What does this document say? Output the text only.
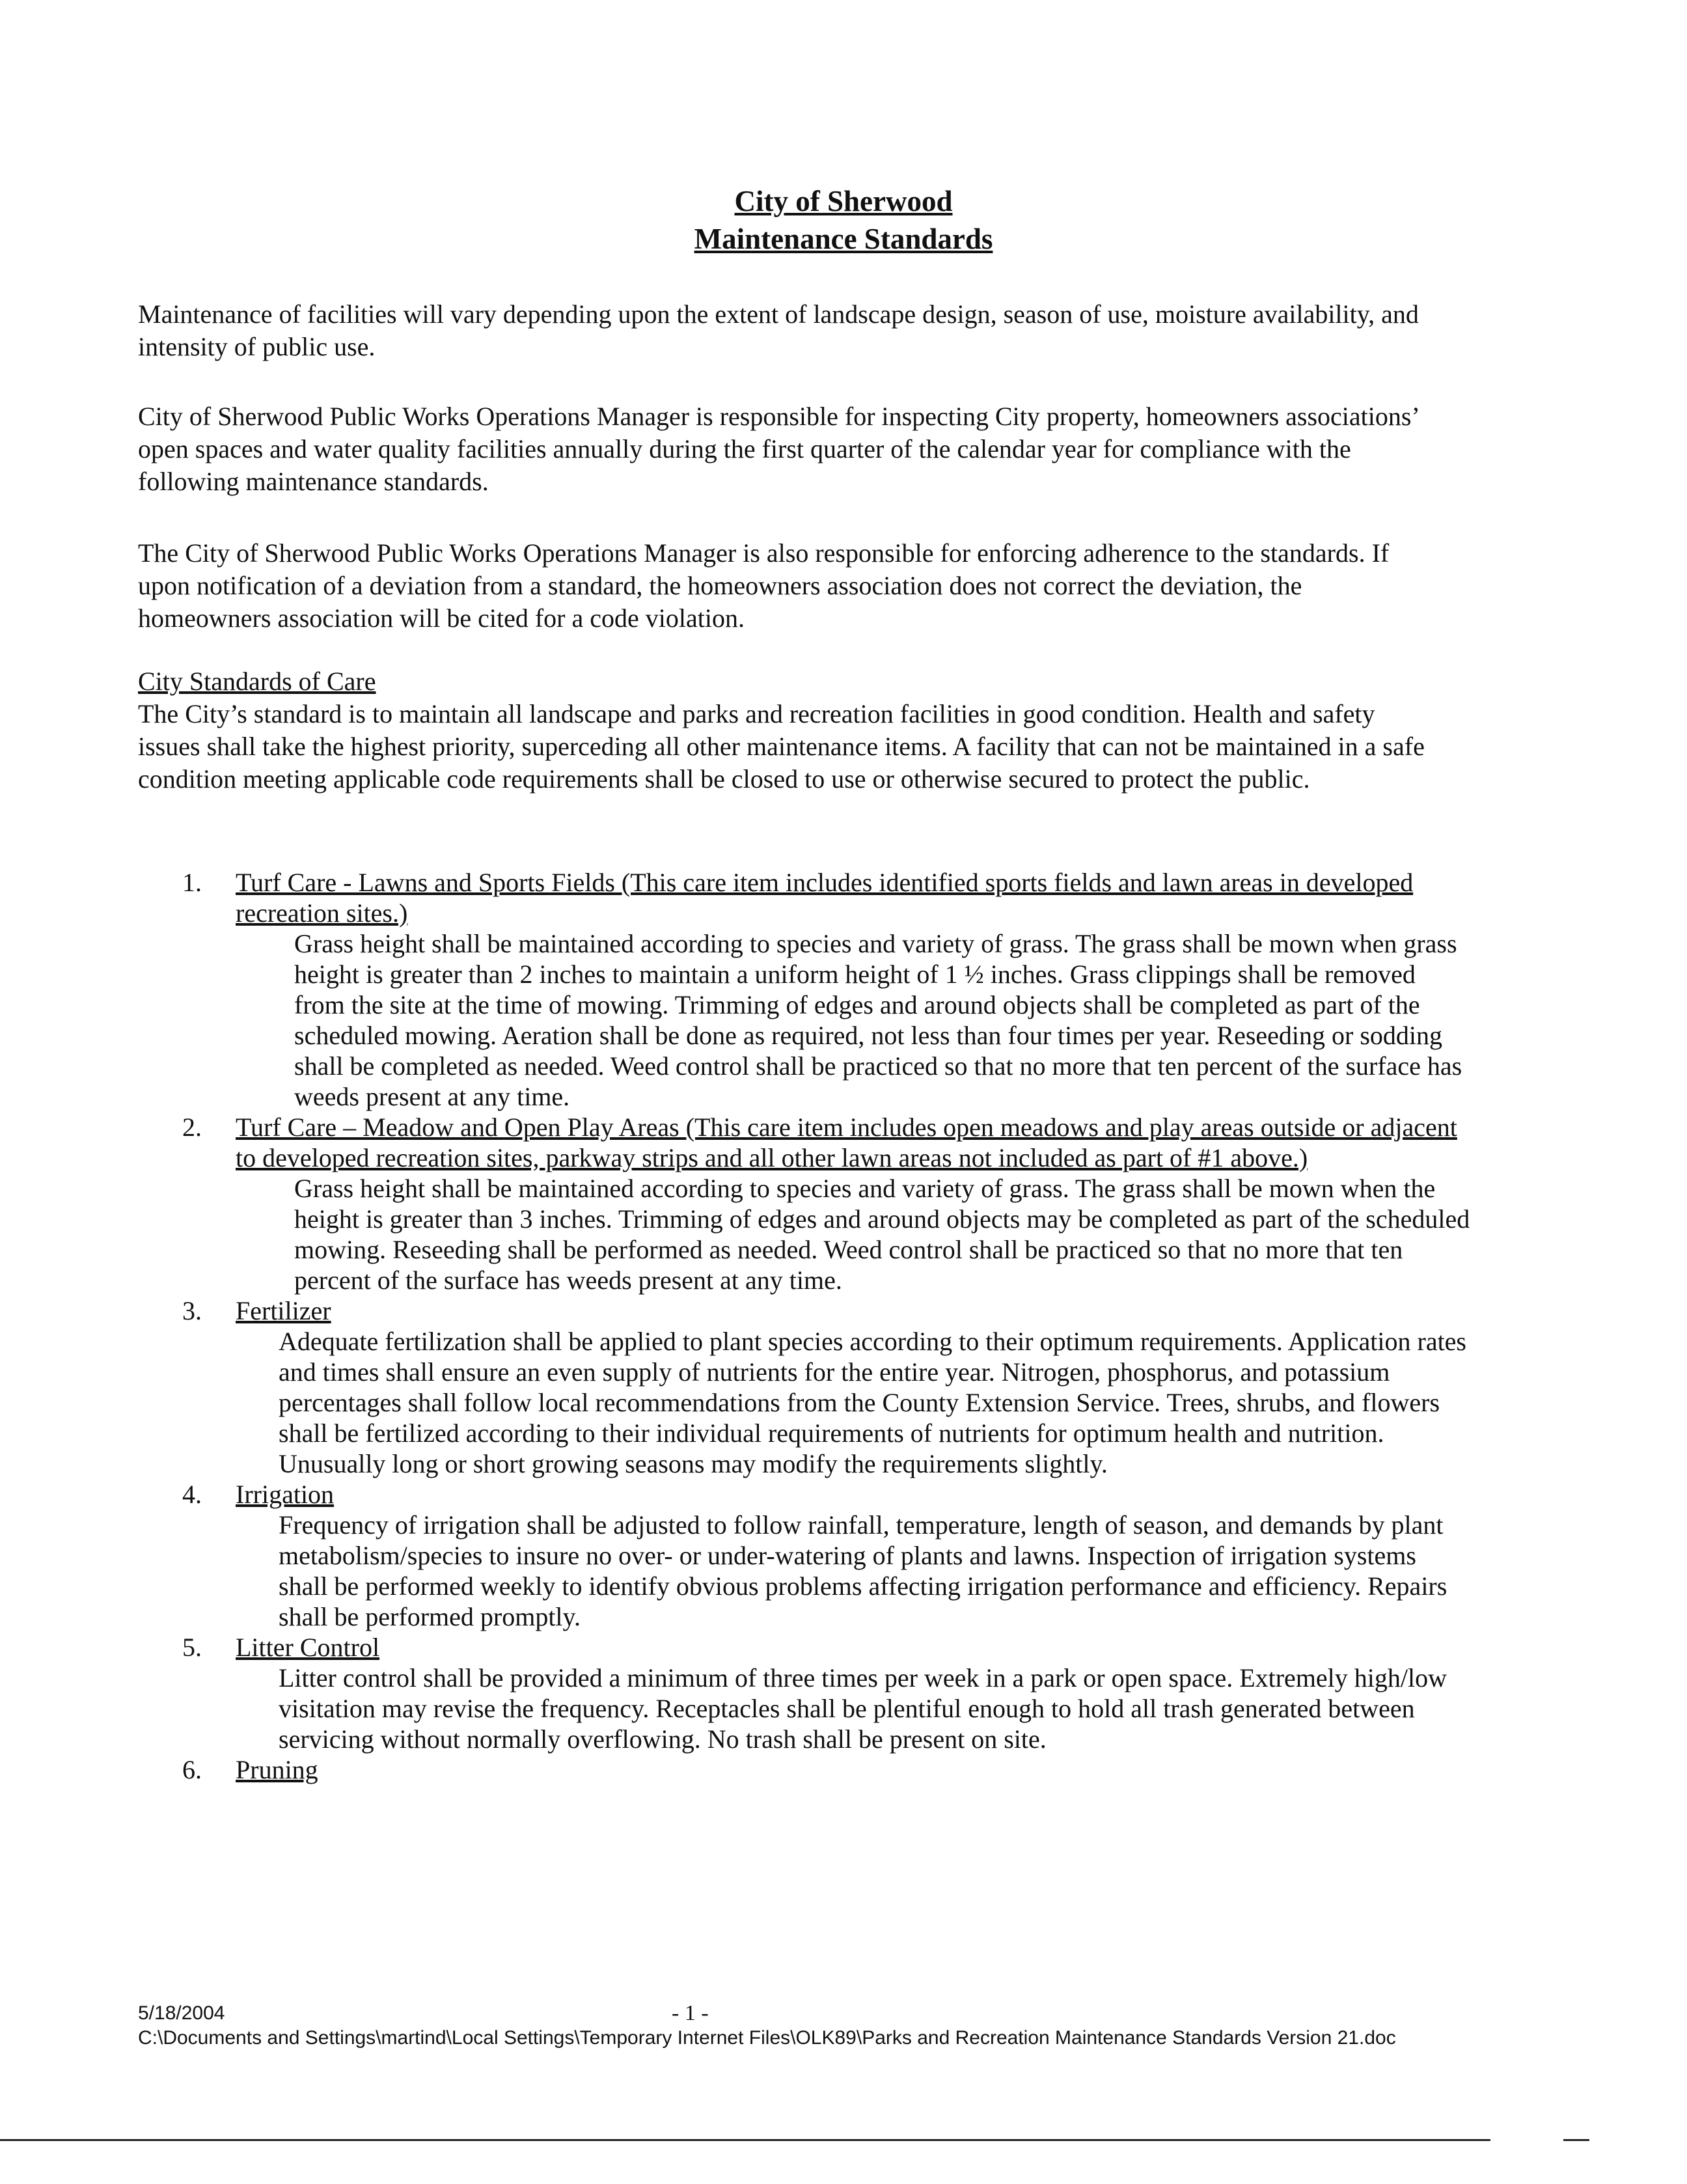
City of Sherwood
Maintenance Standards

Maintenance of facilities will vary depending upon the extent of landscape design, season of use, moisture availability, and intensity of public use.

City of Sherwood Public Works Operations Manager is responsible for inspecting City property, homeowners associations’ open spaces and water quality facilities annually during the first quarter of the calendar year for compliance with the following maintenance standards.

The City of Sherwood Public Works Operations Manager is also responsible for enforcing adherence to the standards. If upon notification of a deviation from a standard, the homeowners association does not correct the deviation, the homeowners association will be cited for a code violation.

City Standards of Care
The City’s standard is to maintain all landscape and parks and recreation facilities in good condition. Health and safety issues shall take the highest priority, superceding all other maintenance items. A facility that can not be maintained in a safe condition meeting applicable code requirements shall be closed to use or otherwise secured to protect the public.
1. Turf Care - Lawns and Sports Fields (This care item includes identified sports fields and lawn areas in developed recreation sites.)
Grass height shall be maintained according to species and variety of grass. The grass shall be mown when grass height is greater than 2 inches to maintain a uniform height of 1 ½ inches. Grass clippings shall be removed from the site at the time of mowing. Trimming of edges and around objects shall be completed as part of the scheduled mowing. Aeration shall be done as required, not less than four times per year. Reseeding or sodding shall be completed as needed. Weed control shall be practiced so that no more that ten percent of the surface has weeds present at any time.
2. Turf Care – Meadow and Open Play Areas (This care item includes open meadows and play areas outside or adjacent to developed recreation sites, parkway strips and all other lawn areas not included as part of #1 above.)
Grass height shall be maintained according to species and variety of grass. The grass shall be mown when the height is greater than 3 inches. Trimming of edges and around objects may be completed as part of the scheduled mowing. Reseeding shall be performed as needed. Weed control shall be practiced so that no more that ten percent of the surface has weeds present at any time.
3. Fertilizer
Adequate fertilization shall be applied to plant species according to their optimum requirements. Application rates and times shall ensure an even supply of nutrients for the entire year. Nitrogen, phosphorus, and potassium percentages shall follow local recommendations from the County Extension Service. Trees, shrubs, and flowers shall be fertilized according to their individual requirements of nutrients for optimum health and nutrition. Unusually long or short growing seasons may modify the requirements slightly.
4. Irrigation
Frequency of irrigation shall be adjusted to follow rainfall, temperature, length of season, and demands by plant metabolism/species to insure no over- or under-watering of plants and lawns. Inspection of irrigation systems shall be performed weekly to identify obvious problems affecting irrigation performance and efficiency. Repairs shall be performed promptly.
5. Litter Control
Litter control shall be provided a minimum of three times per week in a park or open space. Extremely high/low visitation may revise the frequency. Receptacles shall be plentiful enough to hold all trash generated between servicing without normally overflowing. No trash shall be present on site.
6. Pruning
5/18/2004	- 1 -
C:\Documents and Settings\martind\Local Settings\Temporary Internet Files\OLK89\Parks and Recreation Maintenance Standards Version 21.doc
